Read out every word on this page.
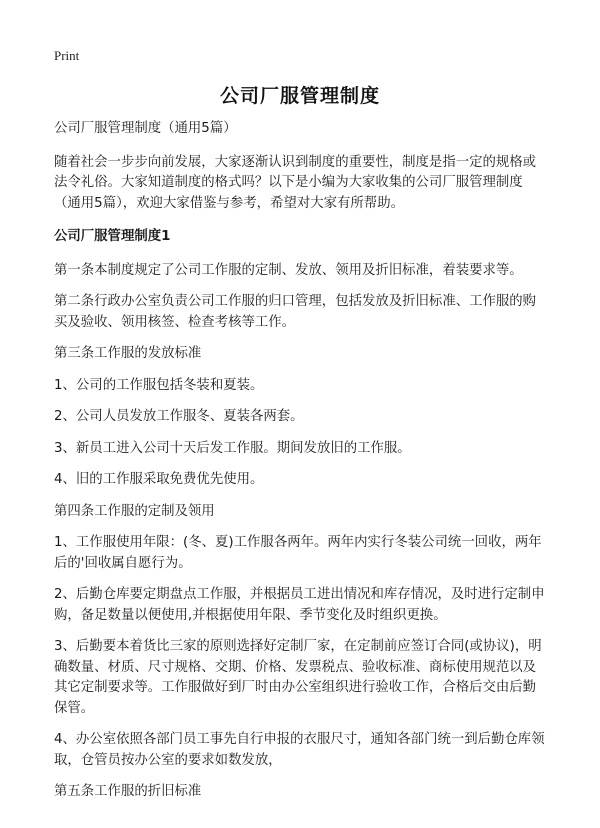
Print
公司厂服管理制度

公司厂服管理制度（通用5篇）

随着社会一步步向前发展，大家逐渐认识到制度的重要性，制度是指一定的规格或法令礼俗。大家知道制度的格式吗？以下是小编为大家收集的公司厂服管理制度（通用5篇），欢迎大家借鉴与参考，希望对大家有所帮助。

公司厂服管理制度1

第一条本制度规定了公司工作服的定制、发放、领用及折旧标准，着装要求等。

第二条行政办公室负责公司工作服的归口管理，包括发放及折旧标准、工作服的购买及验收、领用核签、检查考核等工作。

第三条工作服的发放标准

1、公司的工作服包括冬装和夏装。

2、公司人员发放工作服冬、夏装各两套。

3、新员工进入公司十天后发工作服。期间发放旧的工作服。

4、旧的工作服采取免费优先使用。

第四条工作服的定制及领用

1、工作服使用年限：(冬、夏)工作服各两年。两年内实行冬装公司统一回收，两年后的'回收属自愿行为。

2、后勤仓库要定期盘点工作服，并根据员工进出情况和库存情况，及时进行定制申购，备足数量以便使用,并根据使用年限、季节变化及时组织更换。

3、后勤要本着货比三家的原则选择好定制厂家，在定制前应签订合同(或协议)，明确数量、材质、尺寸规格、交期、价格、发票税点、验收标准、商标使用规范以及其它定制要求等。工作服做好到厂时由办公室组织进行验收工作，合格后交由后勤保管。

4、办公室依照各部门员工事先自行申报的衣服尺寸，通知各部门统一到后勤仓库领取，仓管员按办公室的要求如数发放，

第五条工作服的折旧标准
